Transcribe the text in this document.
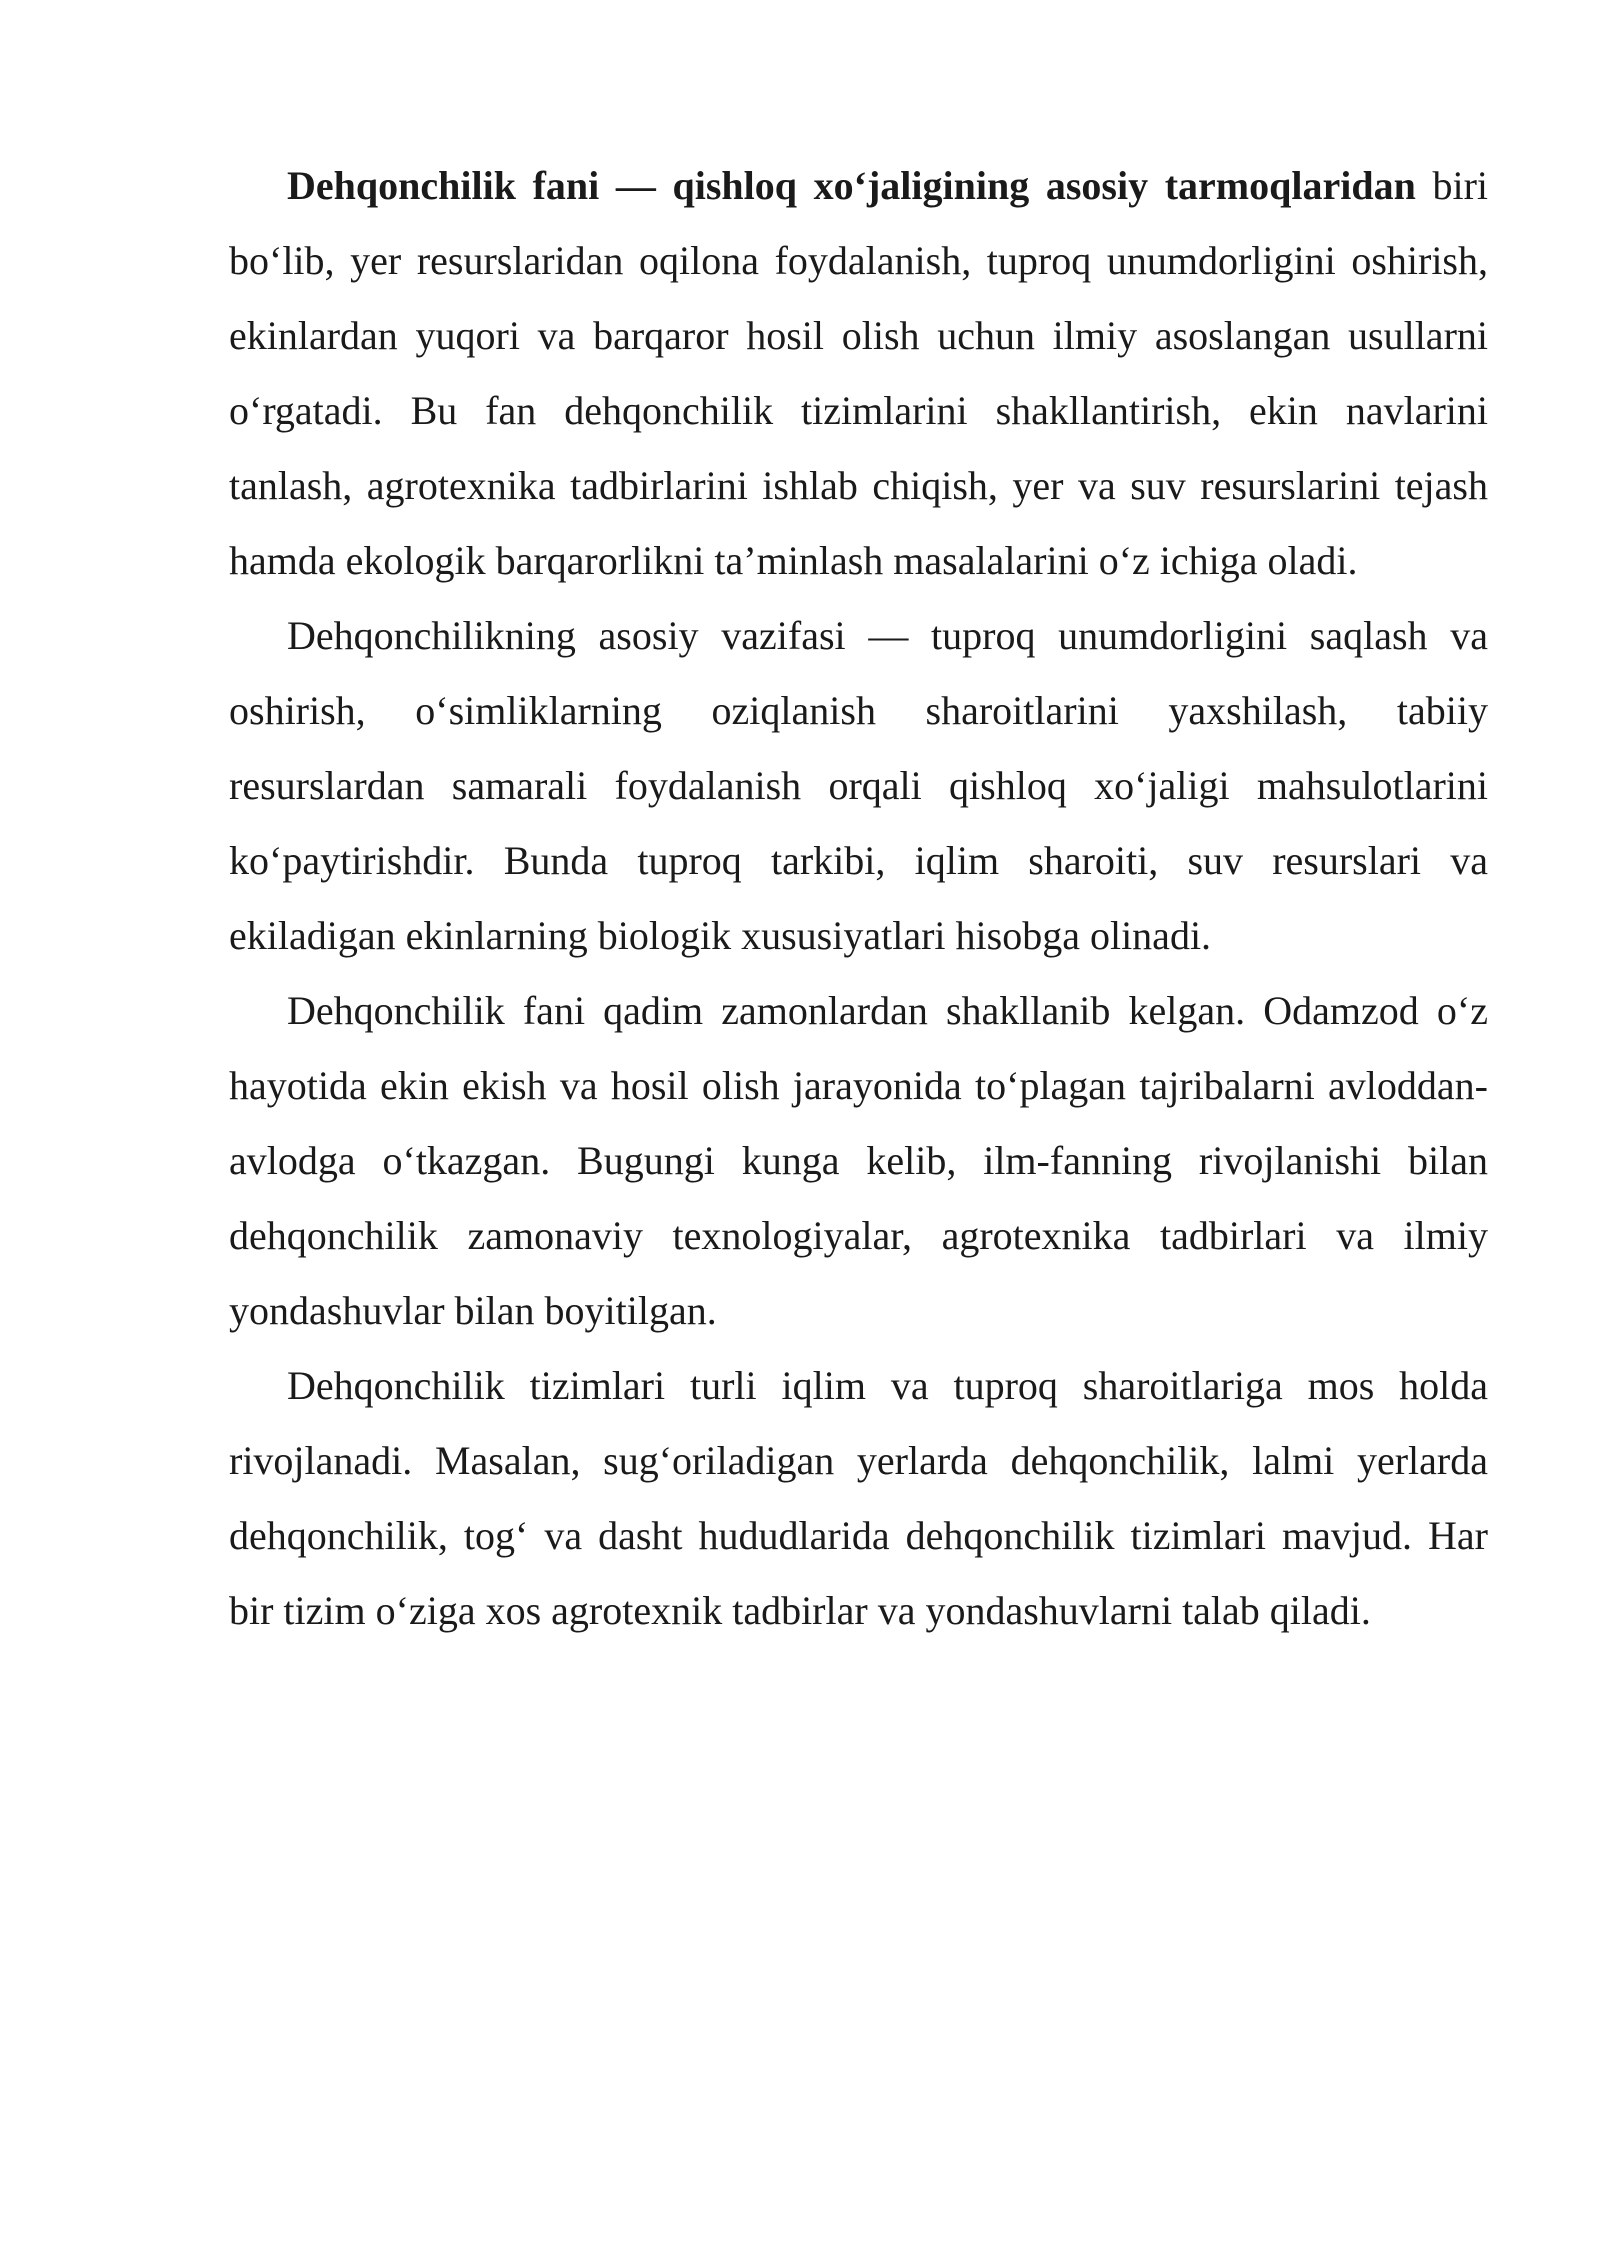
Dehqonchilik fani — qishloq xo‘jaligining asosiy tarmoqlaridan biri bo‘lib, yer resurslaridan oqilona foydalanish, tuproq unumdorligini oshirish, ekinlardan yuqori va barqaror hosil olish uchun ilmiy asoslangan usullarni o‘rgatadi. Bu fan dehqonchilik tizimlarini shakllantirish, ekin navlarini tanlash, agrotexnika tadbirlarini ishlab chiqish, yer va suv resurslarini tejash hamda ekologik barqarorlikni ta’minlash masalalarini o‘z ichiga oladi.

Dehqonchilikning asosiy vazifasi — tuproq unumdorligini saqlash va oshirish, o‘simliklarning oziqlanish sharoitlarini yaxshilash, tabiiy resurslardan samarali foydalanish orqali qishloq xo‘jaligi mahsulotlarini ko‘paytirishdir. Bunda tuproq tarkibi, iqlim sharoiti, suv resurslari va ekiladigan ekinlarning biologik xususiyatlari hisobga olinadi.

Dehqonchilik fani qadim zamonlardan shakllanib kelgan. Odamzod o‘z hayotida ekin ekish va hosil olish jarayonida to‘plagan tajribalarni avloddan-avlodga o‘tkazgan. Bugungi kunga kelib, ilm-fanning rivojlanishi bilan dehqonchilik zamonaviy texnologiyalar, agrotexnika tadbirlari va ilmiy yondashuvlar bilan boyitilgan.

Dehqonchilik tizimlari turli iqlim va tuproq sharoitlariga mos holda rivojlanadi. Masalan, sug‘oriladigan yerlarda dehqonchilik, lalmi yerlarda dehqonchilik, tog‘ va dasht hududlarida dehqonchilik tizimlari mavjud. Har bir tizim o‘ziga xos agrotexnik tadbirlar va yondashuvlarni talab qiladi.
